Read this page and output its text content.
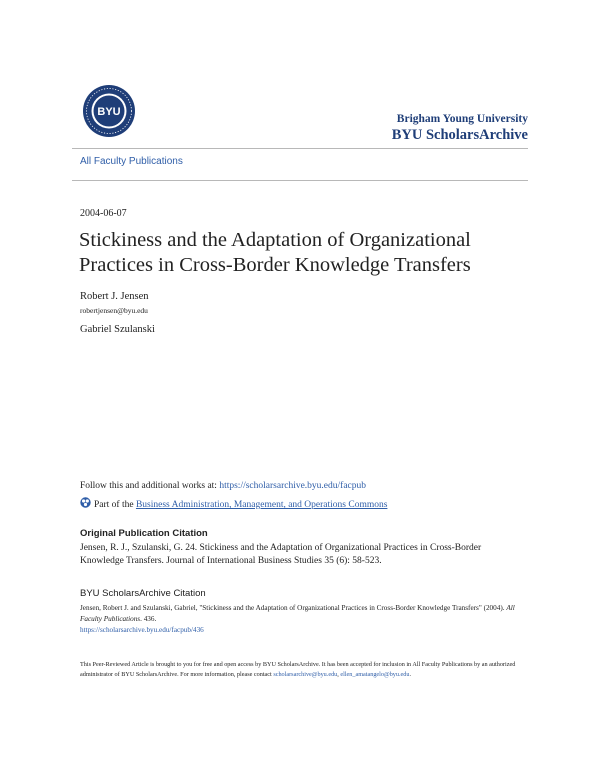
BYU
Brigham Young University
BYU ScholarsArchive
All Faculty Publications
2004-06-07
Stickiness and the Adaptation of Organizational
Practices in Cross-Border Knowledge Transfers
Robert J. Jensen
robertjensen@byu.edu
Gabriel Szulanski
Follow this and additional works at: https://scholarsarchive.byu.edu/facpub
Part of the Business Administration, Management, and Operations Commons
Original Publication Citation
Jensen, R. J., Szulanski, G. 24. Stickiness and the Adaptation of Organizational Practices in Cross-Border Knowledge Transfers. Journal of International Business Studies 35 (6): 58-523.
BYU ScholarsArchive Citation
Jensen, Robert J. and Szulanski, Gabriel, "Stickiness and the Adaptation of Organizational Practices in Cross-Border Knowledge Transfers" (2004). All Faculty Publications. 436.
https://scholarsarchive.byu.edu/facpub/436
This Peer-Reviewed Article is brought to you for free and open access by BYU ScholarsArchive. It has been accepted for inclusion in All Faculty Publications by an authorized administrator of BYU ScholarsArchive. For more information, please contact scholarsarchive@byu.edu, ellen_amatangelo@byu.edu.
